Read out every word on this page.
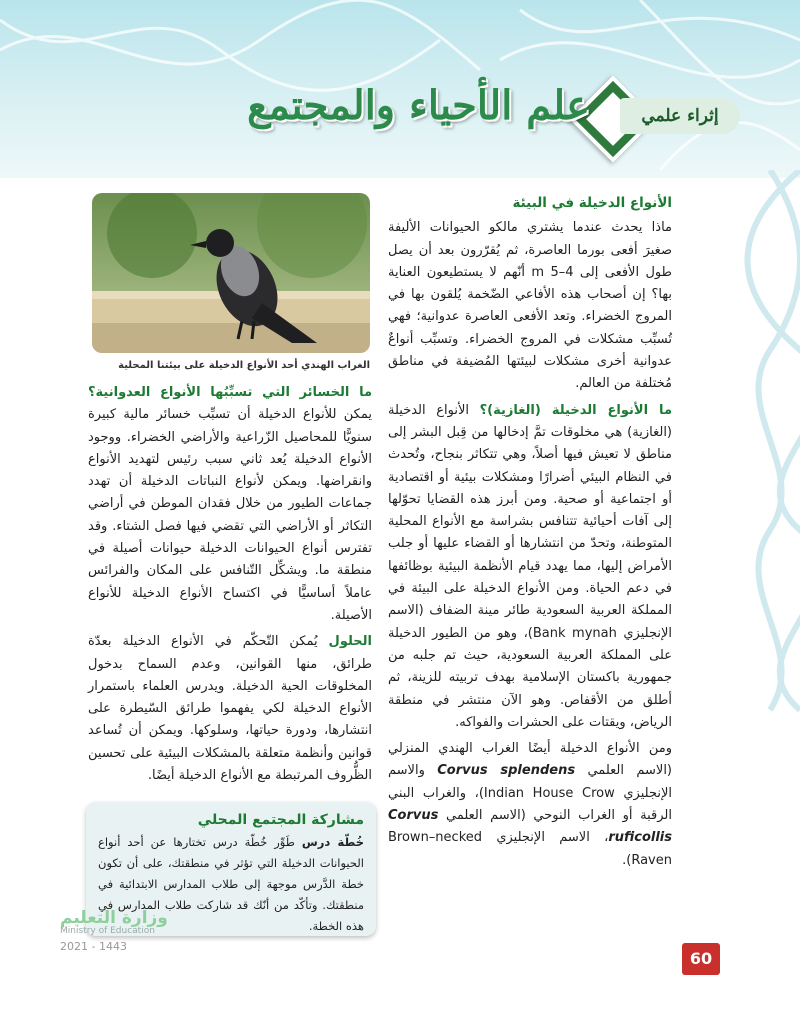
إثراء علمي
علم الأحياء والمجتمع
الغراب الهندي أحد الأنواع الدخيلة على بيئتنا المحلية
الأنواع الدخيلة في البيئة

ماذا يحدث عندما يشتري مالكو الحيوانات الأليفة صغيرَ أفعى بورما العاصرة، ثم يُقرّرون بعد أن يصل طول الأفعى إلى 4–5 m أنّهم لا يستطيعون العناية بها؟ إن أصحاب هذه الأفاعي الضّخمة يُلقون بها في المروج الخضراء. وتعد الأفعى العاصرة عدوانية؛ فهي تُسبِّب مشكلات في المروج الخضراء. وتسبِّب أنواعٌ عدوانية أخرى مشكلات لبيئتها المُضيفة في مناطق مُختلفة من العالم.

ما الأنواع الدخيلة (الغازية)؟ الأنواع الدخيلة (الغازية) هي مخلوقات تمَّ إدخالها من قِبل البشر إلى مناطق لا تعيش فيها أصلاً، وهي تتكاثر بنجاح، وتُحدث في النظام البيئي أضرارًا ومشكلات بيئية أو اقتصادية أو اجتماعية أو صحية. ومن أبرز هذه القضايا تحوّلها إلى آفات أحيائية تتنافس بشراسة مع الأنواع المحلية المتوطنة، وتحدّ من انتشارها أو القضاء عليها أو جلب الأمراض إليها، مما يهدد قيام الأنظمة البيئية بوظائفها في دعم الحياة. ومن الأنواع الدخيلة على البيئة في المملكة العربية السعودية طائر مينة الضفاف (الاسم الإنجليزي Bank mynah)، وهو من الطيور الدخيلة على المملكة العربية السعودية، حيث تم جلبه من جمهورية باكستان الإسلامية بهدف تربيته للزينة، ثم أطلق من الأقفاص. وهو الآن منتشر في منطقة الرياض، ويقتات على الحشرات والفواكه.

ومن الأنواع الدخيلة أيضًا الغراب الهندي المنزلي (الاسم العلمي Corvus splendens والاسم الإنجليزي Indian House Crow)، والغراب البني الرقبة أو الغراب النوحي (الاسم العلمي Corvus ruficollis، الاسم الإنجليزي Brown–necked Raven).

ما الخسائر التي تسبِّبُها الأنواع العدوانية؟ يمكن للأنواع الدخيلة أن تسبِّب خسائر مالية كبيرة سنويًّا للمحاصيل الزّراعية والأراضي الخضراء. ووجود الأنواع الدخيلة يُعد ثاني سبب رئيس لتهديد الأنواع وانقراضها. ويمكن لأنواع النباتات الدخيلة أن تهدد جماعات الطيور من خلال فقدان الموطن في أراضي التكاثر أو الأراضي التي تقضي فيها فصل الشتاء. وقد تفترس أنواع الحيوانات الدخيلة حيوانات أصيلة في منطقة ما. ويشكِّل التّنافس على المكان والفرائس عاملاً أساسيًّا في اكتساح الأنواع الدخيلة للأنواع الأصيلة.

الحلول يُمكن التّحكّم في الأنواع الدخيلة بعدّة طرائق، منها القوانين، وعدم السماح بدخول المخلوقات الحية الدخيلة. ويدرس العلماء باستمرار الأنواع الدخيلة لكي يفهموا طرائق السّيطرة على انتشارها، ودورة حياتها، وسلوكها. ويمكن أن تُساعد قوانين وأنظمة متعلقة بالمشكلات البيئية على تحسين الظُّروف المرتبطة مع الأنواع الدخيلة أيضًا.

مشاركة المجتمع المحلي
خُطّة درس طَوِّر خُطّة درس تختارها عن أحد أنواع الحيوانات الدخيلة التي تؤثر في منطقتك، على أن تكون خطة الدَّرس موجهة إلى طلاب المدارس الابتدائية في منطقتك. وتأكّد من أنّك قد شاركت طلاب المدارس في هذه الخطة.
وزارة التعليم
Ministry of Education
2021 - 1443
60
